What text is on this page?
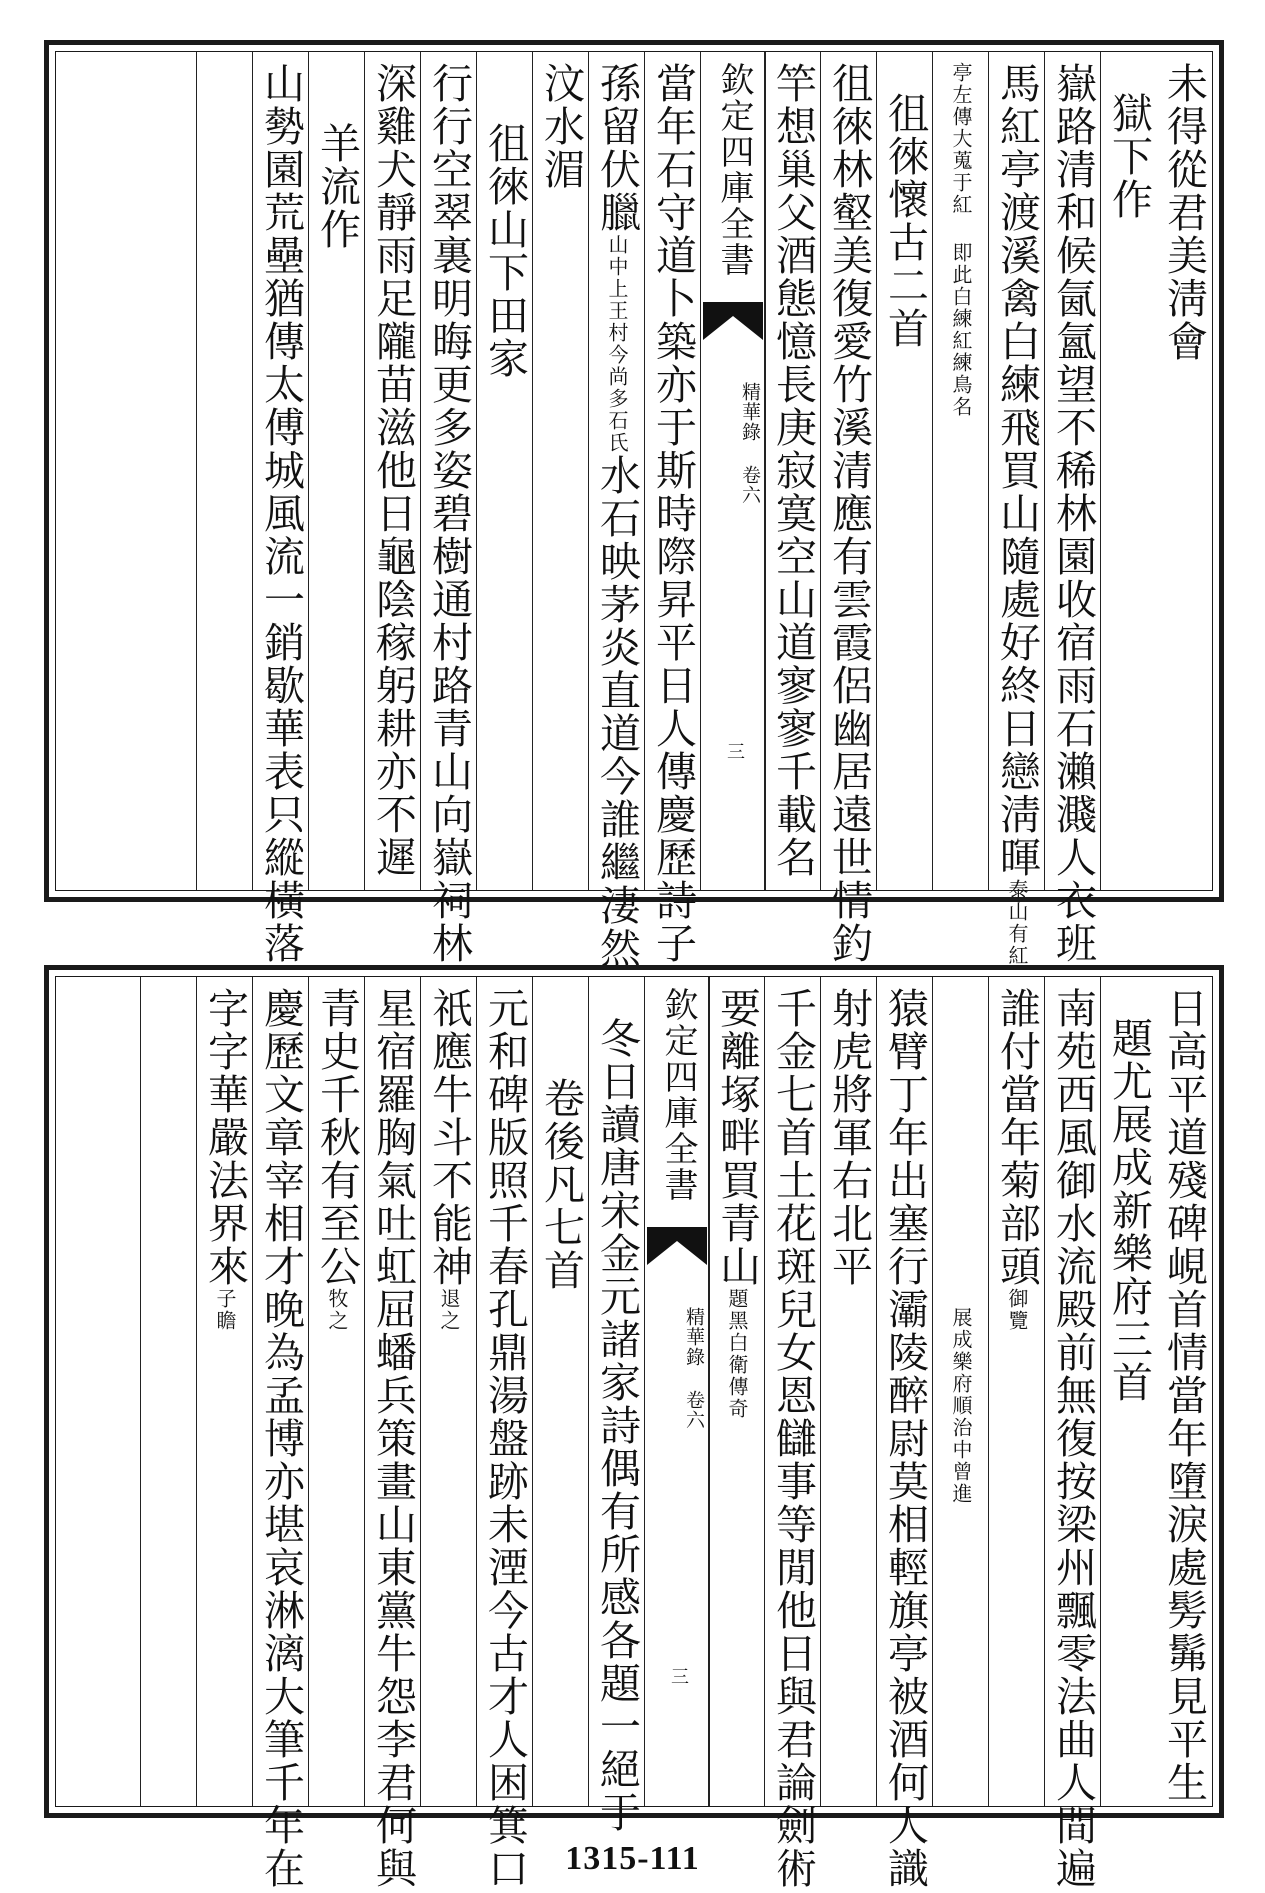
未得從君美淸會
獄下作
嶽路清和候氤氳望不稀林園收宿雨石瀨濺人衣班
馬紅亭渡溪禽白練飛買山隨處好終日戀淸暉泰山有紅
亭左傳大蒐于紅 即此白練紅練鳥名
徂徠懷古二首
徂徠林壑美復愛竹溪清應有雲霞侶幽居遠世情釣
竿想巢父酒態憶長庚寂寞空山道寥寥千載名
欽定四庫全書
精華錄 卷六
三
當年石守道卜築亦于斯時際昇平日人傳慶歷詩子
孫留伏臘山中上王村今尚多石氏水石映茅炎直道今誰繼淒然
汶水湄
徂徠山下田家
行行空翠裏明晦更多姿碧樹通村路青山向嶽祠林
深雞犬靜雨足隴苗滋他日龜陰稼躬耕亦不遲
羊流作
山勢園荒壘猶傳太傅城風流一銷歇華表只縱橫落
日高平道殘碑峴首情當年墮淚處髣髴見平生
題尤展成新樂府三首
南苑西風御水流殿前無復按梁州飄零法曲人間遍
誰付當年菊部頭御覽
展成樂府順治中曾進
猿臂丁年出塞行灞陵醉尉莫相輕旗亭被酒何人識
射虎將軍右北平
千金七首土花斑兒女恩讎事等閒他日與君論劍術
要離塚畔買青山題黑白衛傳奇
欽定四庫全書
精華錄 卷六
三
冬日讀唐宋金元諸家詩偶有所感各題一絕于
卷後凡七首
元和碑版照千春孔鼎湯盤跡未湮今古才人困箕口
祇應牛斗不能神退之
星宿羅胸氣吐虹屈蟠兵策畫山東黨牛怨李君何與
青史千秋有至公牧之
慶歷文章宰相才晚為孟博亦堪哀淋漓大筆千年在
字字華嚴法界來子瞻
1315-111
